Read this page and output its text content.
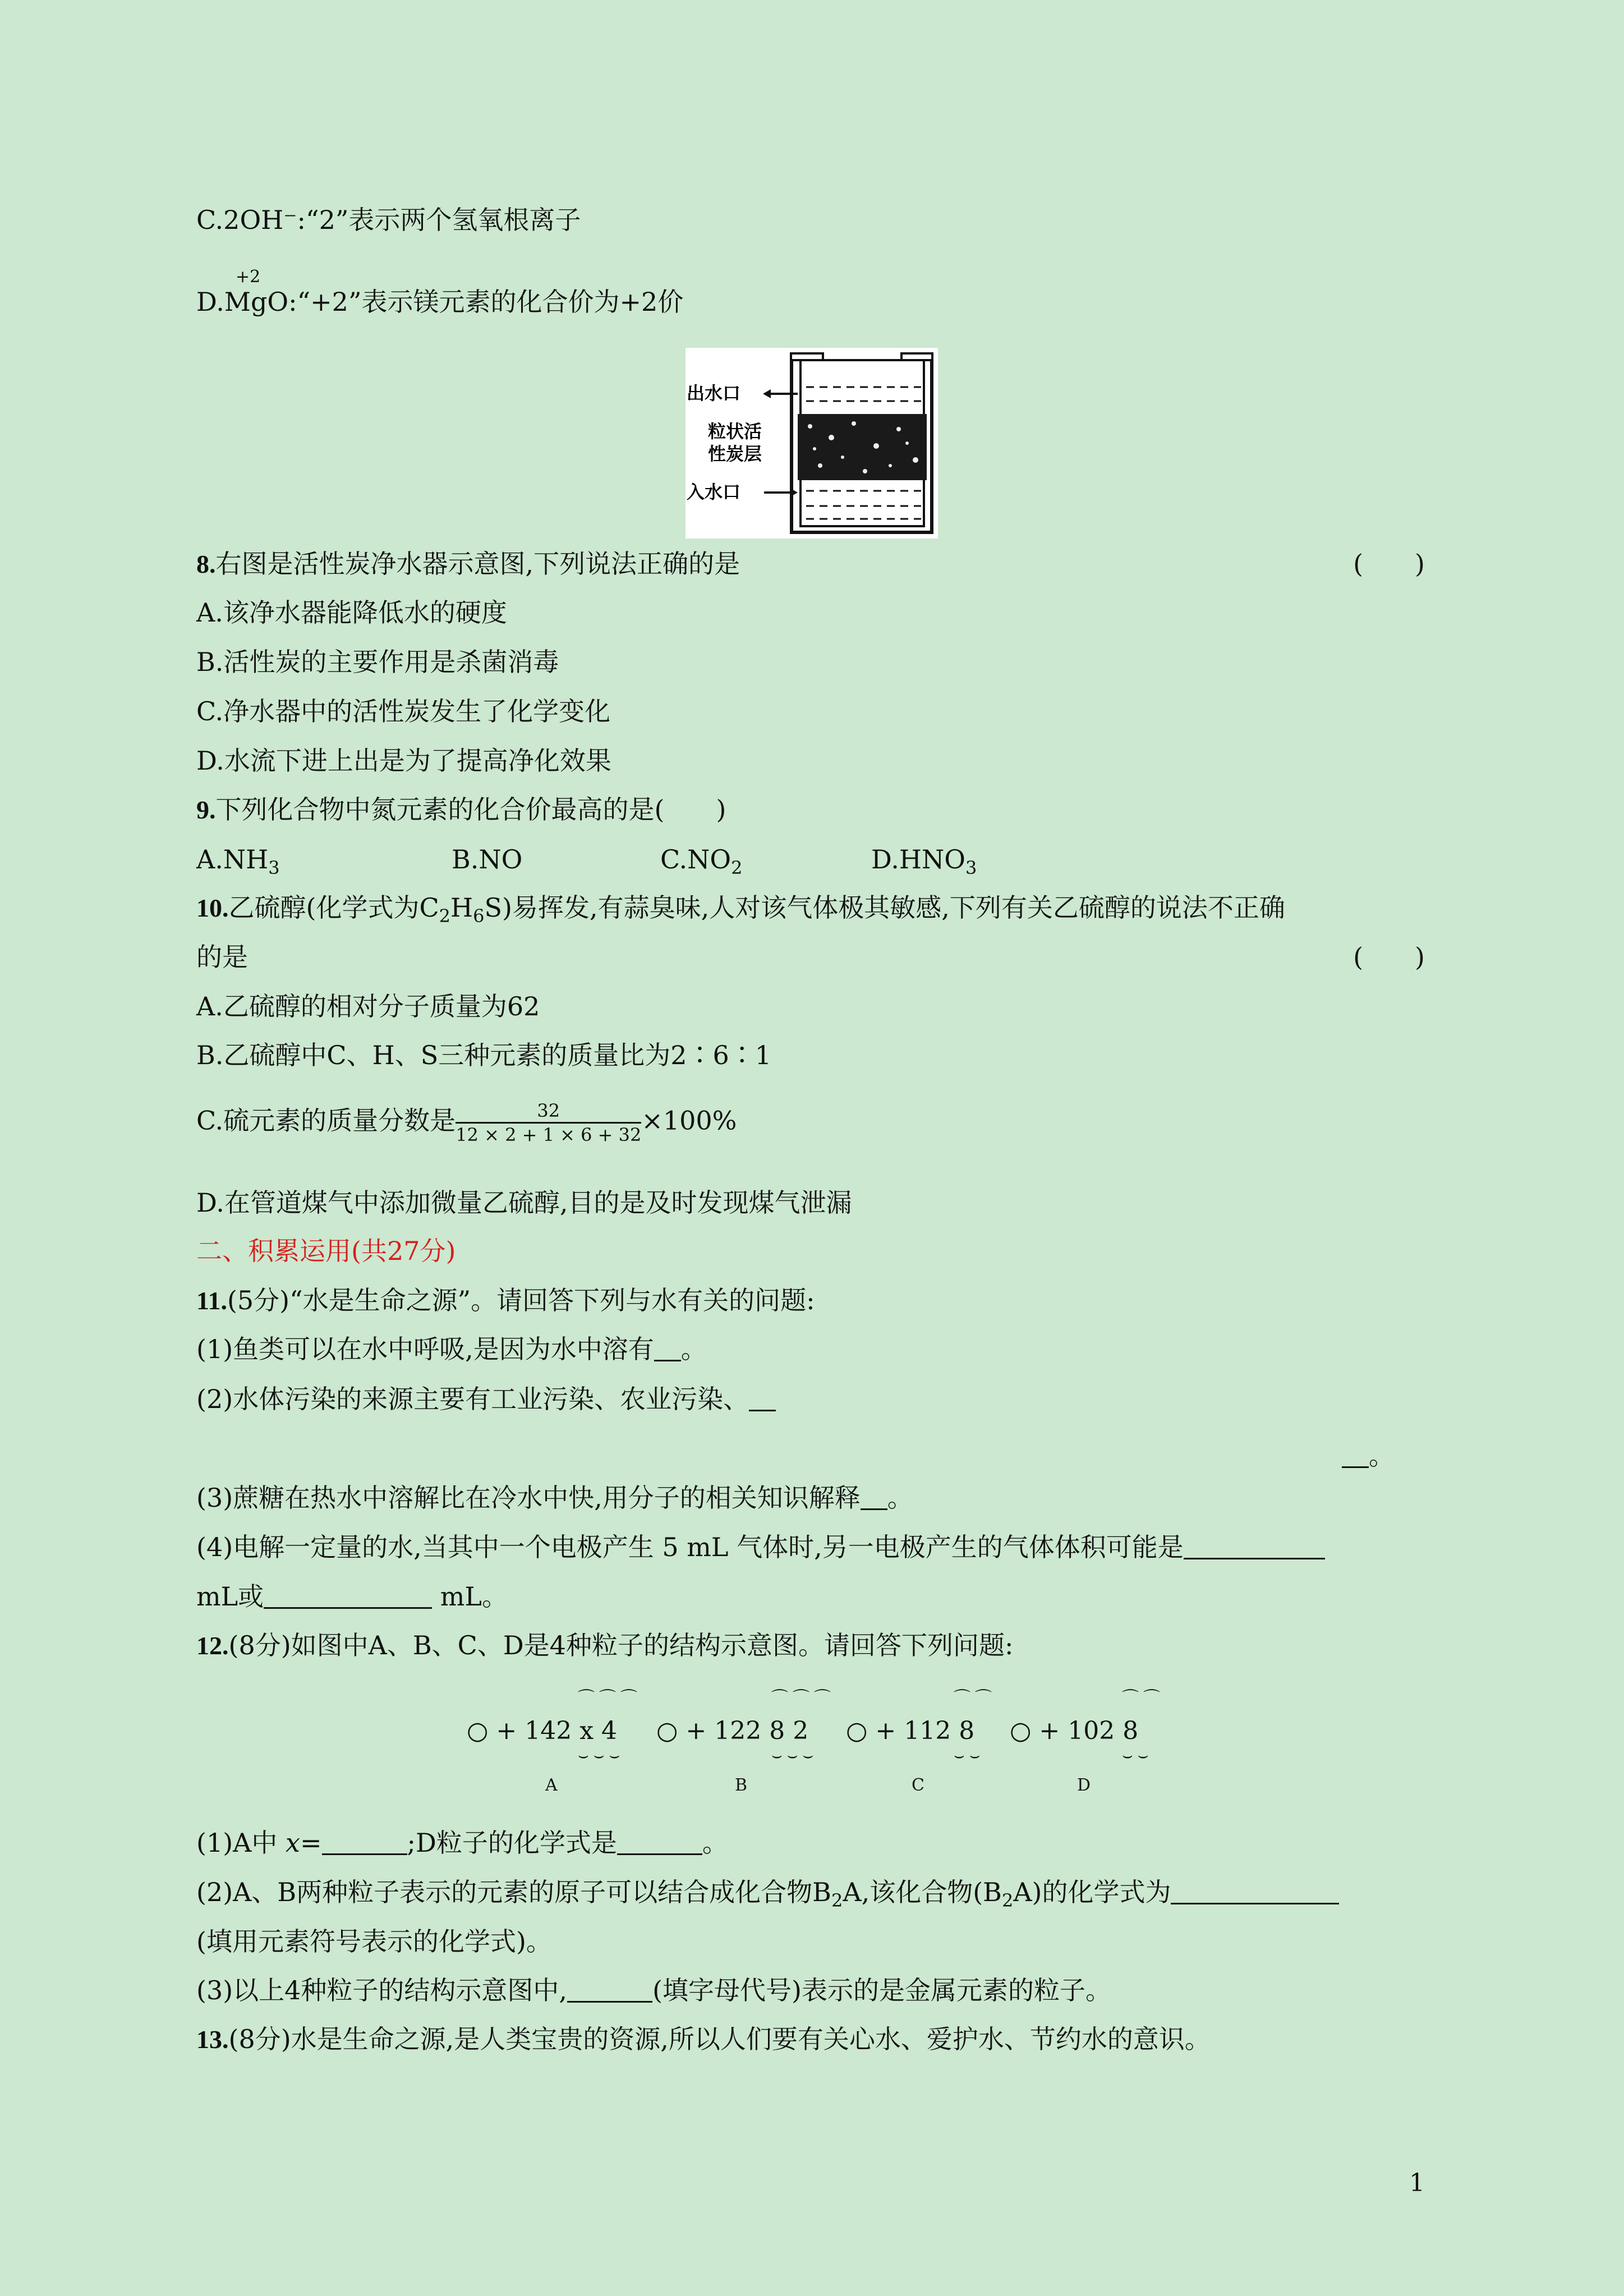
C.2OH⁻:“2”表示两个氢氧根离子
+2
D.MgO:“+2”表示镁元素的化合价为+2价
出水口
粒状活
性炭层
入水口
8.右图是活性炭净水器示意图,下列说法正确的是	(　　)
A.该净水器能降低水的硬度
B.活性炭的主要作用是杀菌消毒
C.净水器中的活性炭发生了化学变化
D.水流下进上出是为了提高净化效果
9.下列化合物中氮元素的化合价最高的是(　　)
$A.NH_3$	B.NO	$C.NO_2$	$D.HNO_3$
10.乙硫醇(化学式为$C_2H_6S$)易挥发,有蒜臭味,人对该气体极其敏感,下列有关乙硫醇的说法不正确
的是	(　　)
A.乙硫醇的相对分子质量为62
B.乙硫醇中C、H、S三种元素的质量比为2∶6∶1
C.硫元素的质量分数是 $\frac{32}{12 \times 2 + 1 \times 6 + 32} \times 100\%$
D.在管道煤气中添加微量乙硫醇,目的是及时发现煤气泄漏
二、积累运用(共27分)
11.(5分)“水是生命之源”。请回答下列与水有关的问题:
(1)鱼类可以在水中呼吸,是因为水中溶有 。
(2)水体污染的来源主要有工业污染、农业污染、
。
(3)蔗糖在热水中溶解比在冷水中快,用分子的相关知识解释 。
(4)电解一定量的水,当其中一个电极产生 5 mL 气体时,另一电极产生的气体体积可能是
mL或	mL。
12.(8分)如图中A、B、C、D是4种粒子的结构示意图。请回答下列问题:
⌒⌒⌒
○ + 142 x 4
⌣⌣⌣
A
⌒⌒⌒
○ + 122 8 2
⌣⌣⌣
B
⌒⌒
○ + 112 8
⌣⌣
C
⌒⌒
○ + 102 8
⌣⌣
D
(1)A中 x=	;D粒子的化学式是	。
(2)A、B两种粒子表示的元素的原子可以结合成化合物$B_2A$,该化合物$(B_2A)$的化学式为
(填用元素符号表示的化学式)。
(3)以上4种粒子的结构示意图中,	(填字母代号)表示的是金属元素的粒子。
13.(8分)水是生命之源,是人类宝贵的资源,所以人们要有关心水、爱护水、节约水的意识。
1
